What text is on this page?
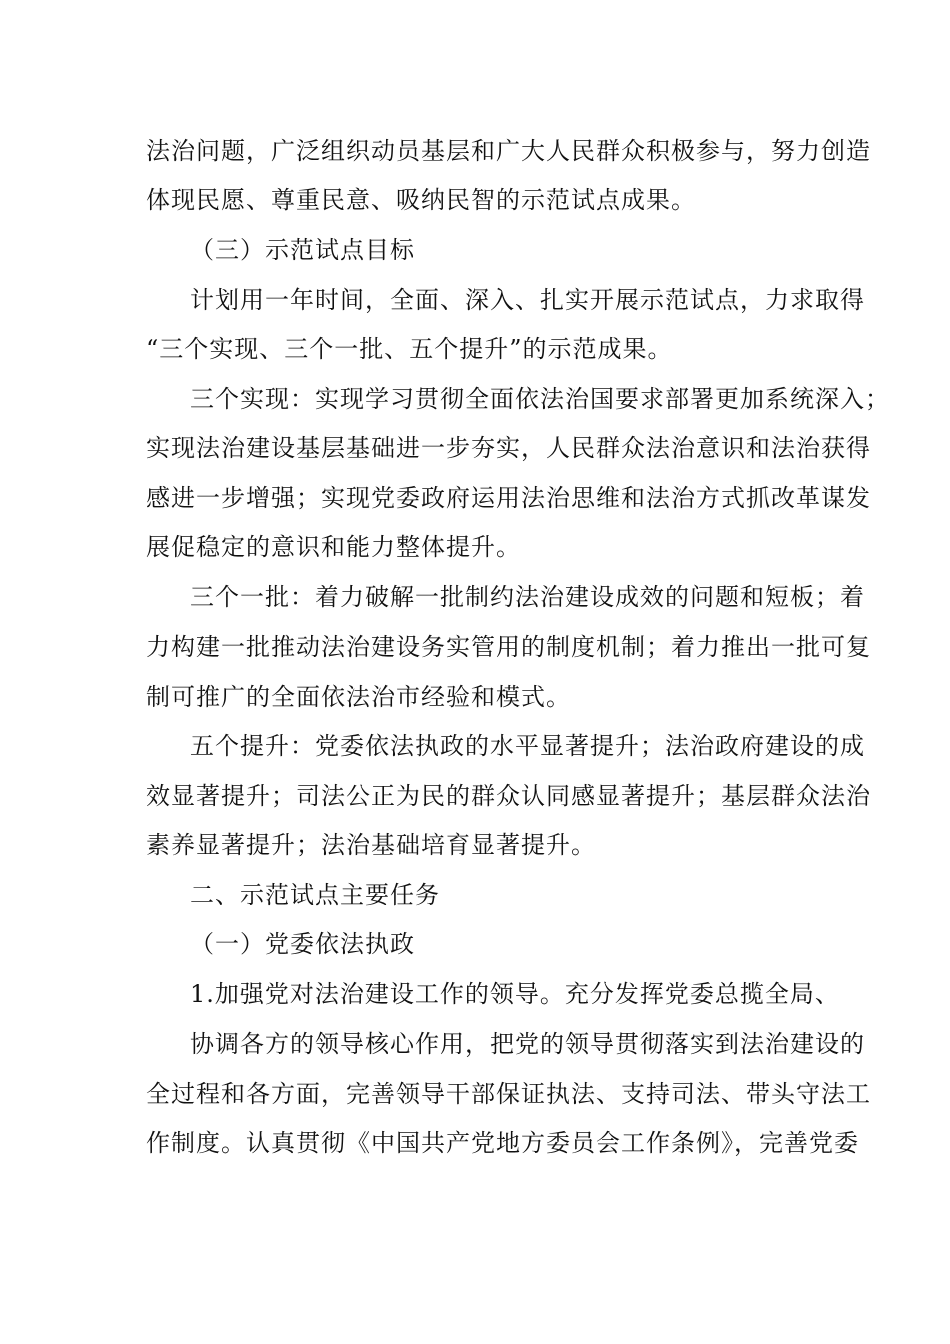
法治问题，广泛组织动员基层和广大人民群众积极参与，努力创造
体现民愿、尊重民意、吸纳民智的示范试点成果。
（三）示范试点目标
计划用一年时间，全面、深入、扎实开展示范试点，力求取得
“三个实现、三个一批、五个提升”的示范成果。
三个实现：实现学习贯彻全面依法治国要求部署更加系统深入；
实现法治建设基层基础进一步夯实，人民群众法治意识和法治获得
感进一步增强；实现党委政府运用法治思维和法治方式抓改革谋发
展促稳定的意识和能力整体提升。
三个一批：着力破解一批制约法治建设成效的问题和短板；着
力构建一批推动法治建设务实管用的制度机制；着力推出一批可复
制可推广的全面依法治市经验和模式。
五个提升：党委依法执政的水平显著提升；法治政府建设的成
效显著提升；司法公正为民的群众认同感显著提升；基层群众法治
素养显著提升；法治基础培育显著提升。
二、示范试点主要任务
（一）党委依法执政
1.加强党对法治建设工作的领导。充分发挥党委总揽全局、
协调各方的领导核心作用，把党的领导贯彻落实到法治建设的
全过程和各方面，完善领导干部保证执法、支持司法、带头守法工
作制度。认真贯彻《中国共产党地方委员会工作条例》，完善党委
